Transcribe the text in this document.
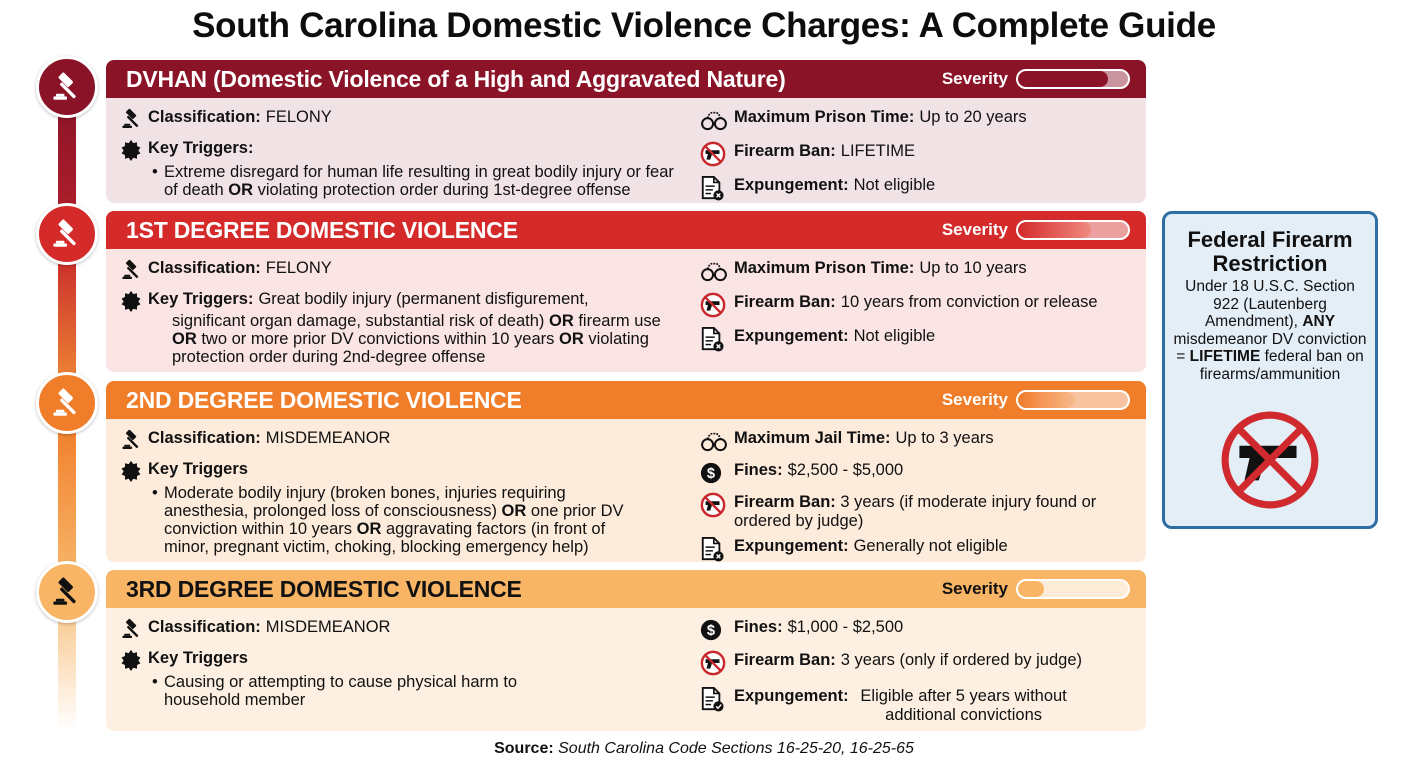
South Carolina Domestic Violence Charges: A Complete Guide
DVHAN (Domestic Violence of a High and Aggravated Nature)	Severity
Classification: FELONY
Key Triggers:
• Extreme disregard for human life resulting in great bodily injury or fear of death OR violating protection order during 1st-degree offense
Maximum Prison Time: Up to 20 years
Firearm Ban: LIFETIME
Expungement: Not eligible
1ST DEGREE DOMESTIC VIOLENCE	Severity
Classification: FELONY
Key Triggers: Great bodily injury (permanent disfigurement,
significant organ damage, substantial risk of death) OR firearm use
OR two or more prior DV convictions within 10 years OR violating
protection order during 2nd-degree offense
Maximum Prison Time: Up to 10 years
Firearm Ban: 10 years from conviction or release
Expungement: Not eligible
2ND DEGREE DOMESTIC VIOLENCE	Severity
Classification: MISDEMEANOR
Key Triggers
• Moderate bodily injury (broken bones, injuries requiring anesthesia, prolonged loss of consciousness) OR one prior DV conviction within 10 years OR aggravating factors (in front of minor, pregnant victim, choking, blocking emergency help)
Maximum Jail Time: Up to 3 years
Fines: $2,500 - $5,000
Firearm Ban: 3 years (if moderate injury found or ordered by judge)
Expungement: Generally not eligible
3RD DEGREE DOMESTIC VIOLENCE	Severity
Classification: MISDEMEANOR
Key Triggers
• Causing or attempting to cause physical harm to household member
Fines: $1,000 - $2,500
Firearm Ban: 3 years (only if ordered by judge)
Expungement: Eligible after 5 years without additional convictions
Federal Firearm Restriction
Under 18 U.S.C. Section 922 (Lautenberg Amendment), ANY misdemeanor DV conviction = LIFETIME federal ban on firearms/ammunition
Source: South Carolina Code Sections 16-25-20, 16-25-65
